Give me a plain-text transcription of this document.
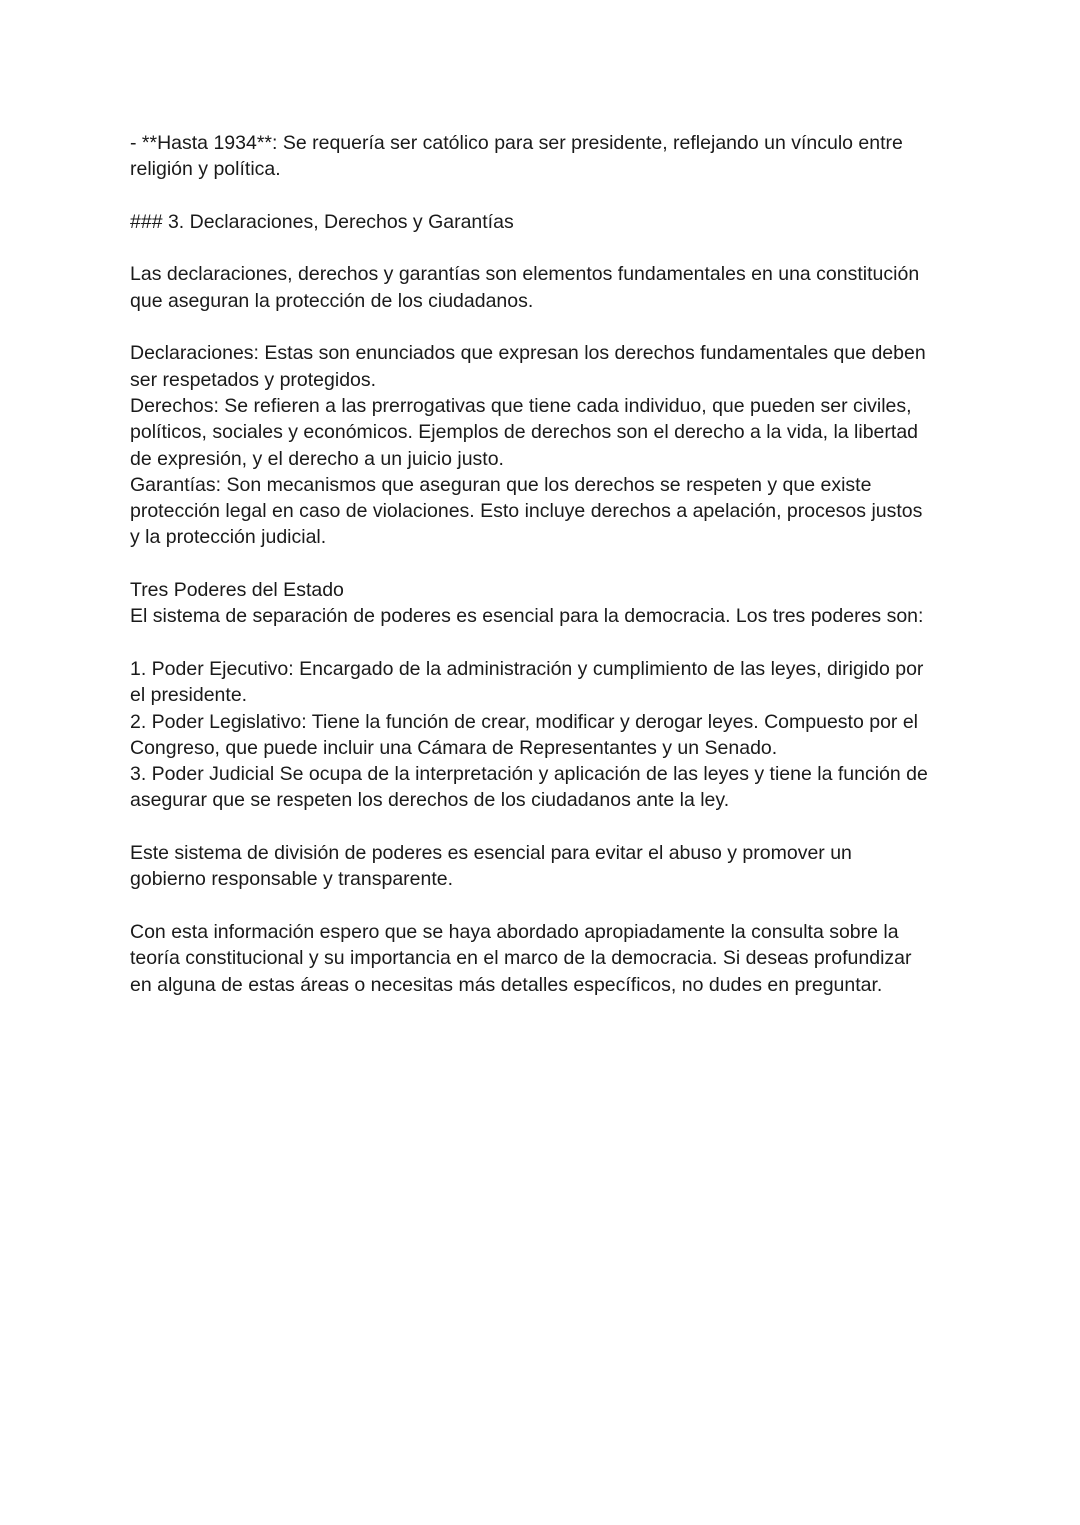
- **Hasta 1934**: Se requería ser católico para ser presidente, reflejando un vínculo entre
religión y política.
### 3. Declaraciones, Derechos y Garantías
Las declaraciones, derechos y garantías son elementos fundamentales en una constitución
que aseguran la protección de los ciudadanos.
Declaraciones: Estas son enunciados que expresan los derechos fundamentales que deben
ser respetados y protegidos.
Derechos: Se refieren a las prerrogativas que tiene cada individuo, que pueden ser civiles,
políticos, sociales y económicos. Ejemplos de derechos son el derecho a la vida, la libertad
de expresión, y el derecho a un juicio justo.
Garantías: Son mecanismos que aseguran que los derechos se respeten y que existe
protección legal en caso de violaciones. Esto incluye derechos a apelación, procesos justos
y la protección judicial.
Tres Poderes del Estado
El sistema de separación de poderes es esencial para la democracia. Los tres poderes son:
1. Poder Ejecutivo: Encargado de la administración y cumplimiento de las leyes, dirigido por
el presidente.
2. Poder Legislativo: Tiene la función de crear, modificar y derogar leyes. Compuesto por el
Congreso, que puede incluir una Cámara de Representantes y un Senado.
3. Poder Judicial Se ocupa de la interpretación y aplicación de las leyes y tiene la función de
asegurar que se respeten los derechos de los ciudadanos ante la ley.
Este sistema de división de poderes es esencial para evitar el abuso y promover un
gobierno responsable y transparente.
Con esta información espero que se haya abordado apropiadamente la consulta sobre la
teoría constitucional y su importancia en el marco de la democracia. Si deseas profundizar
en alguna de estas áreas o necesitas más detalles específicos, no dudes en preguntar.
